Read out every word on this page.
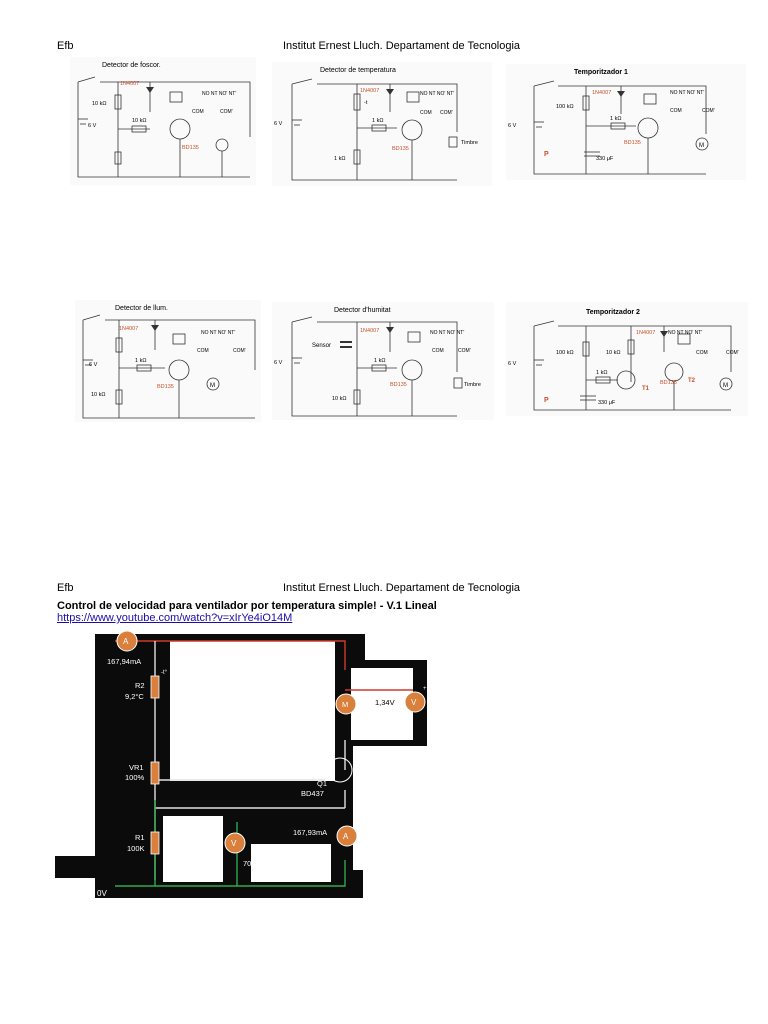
Efb	Institut Ernest Lluch. Departament de Tecnologia
Efb	Institut Ernest Lluch. Departament de Tecnologia
Detector de foscor.
1N4007
10 kΩ
10 kΩ
BD135
6 V
NO NT NO' NT'
COM	COM'
Detector de temperatura
1N4007
-t
1 kΩ
1 kΩ
BD135
6 V
NO NT NO' NT'
COM COM'
Timbre
Temporitzador 1
1N4007
100 kΩ
1 kΩ
BD135
6 V
330 μF
P
NO NT NO' NT'
COM	COM'
M
Detector de llum.
1N4007
1 kΩ
10 kΩ
BD135
6 V
NO NT NO' NT'
COM	COM'
M
Detector d'humitat
1N4007
Sensor
1 kΩ
10 kΩ
BD135
6 V
NO NT NO' NT'
COM	COM'
Timbre
Temporitzador 2
1N4007
100 kΩ	10 kΩ
1 kΩ
BD135
T1
T2
6 V
330 μF
P
NO NT NO' NT'
COM	COM'
M
Control de velocidad para ventilador por temperatura simple! - V.1 Lineal
https://www.youtube.com/watch?v=xIrYe4iO14M
12V
0V
A
167,94mA
R2
9,2°C
-t°
VR1
100%
R1
100K
M
MT1
V
1,34V
+
Q1
BD437
A
167,93mA
V
708,73mV
